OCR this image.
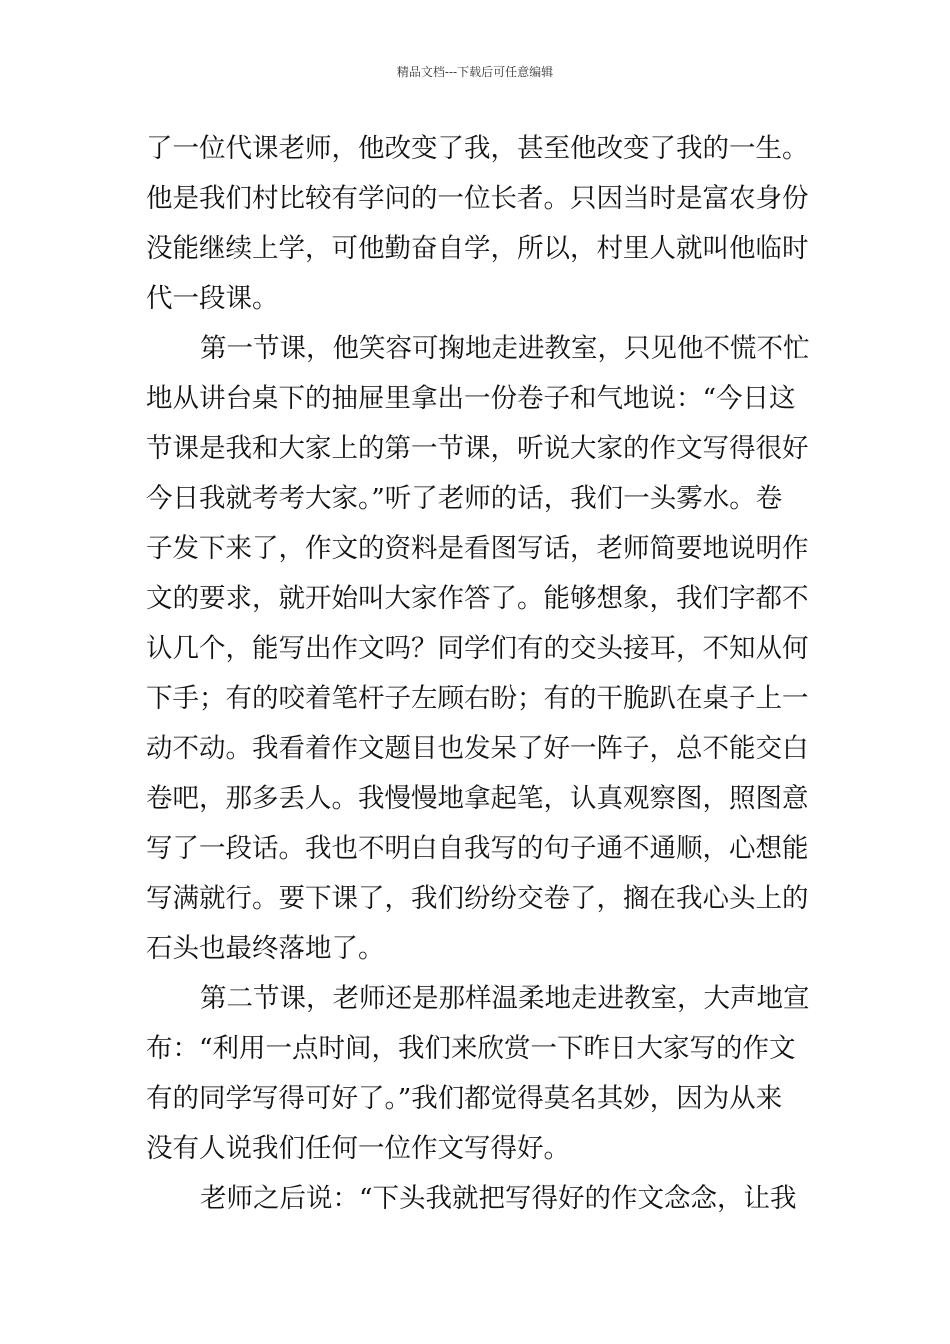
精品文档---下载后可任意编辑
了一位代课老师，他改变了我，甚至他改变了我的一生。
他是我们村比较有学问的一位长者。只因当时是富农身份
没能继续上学，可他勤奋自学，所以，村里人就叫他临时
代一段课。
第一节课，他笑容可掬地走进教室，只见他不慌不忙
地从讲台桌下的抽屉里拿出一份卷子和气地说：“今日这
节课是我和大家上的第一节课，听说大家的作文写得很好
今日我就考考大家。”听了老师的话，我们一头雾水。卷
子发下来了，作文的资料是看图写话，老师简要地说明作
文的要求，就开始叫大家作答了。能够想象，我们字都不
认几个，能写出作文吗？同学们有的交头接耳，不知从何
下手；有的咬着笔杆子左顾右盼；有的干脆趴在桌子上一
动不动。我看着作文题目也发呆了好一阵子，总不能交白
卷吧，那多丢人。我慢慢地拿起笔，认真观察图，照图意
写了一段话。我也不明白自我写的句子通不通顺，心想能
写满就行。要下课了，我们纷纷交卷了，搁在我心头上的
石头也最终落地了。
第二节课，老师还是那样温柔地走进教室，大声地宣
布：“利用一点时间，我们来欣赏一下昨日大家写的作文
有的同学写得可好了。”我们都觉得莫名其妙，因为从来
没有人说我们任何一位作文写得好。
老师之后说：“下头我就把写得好的作文念念，让我
